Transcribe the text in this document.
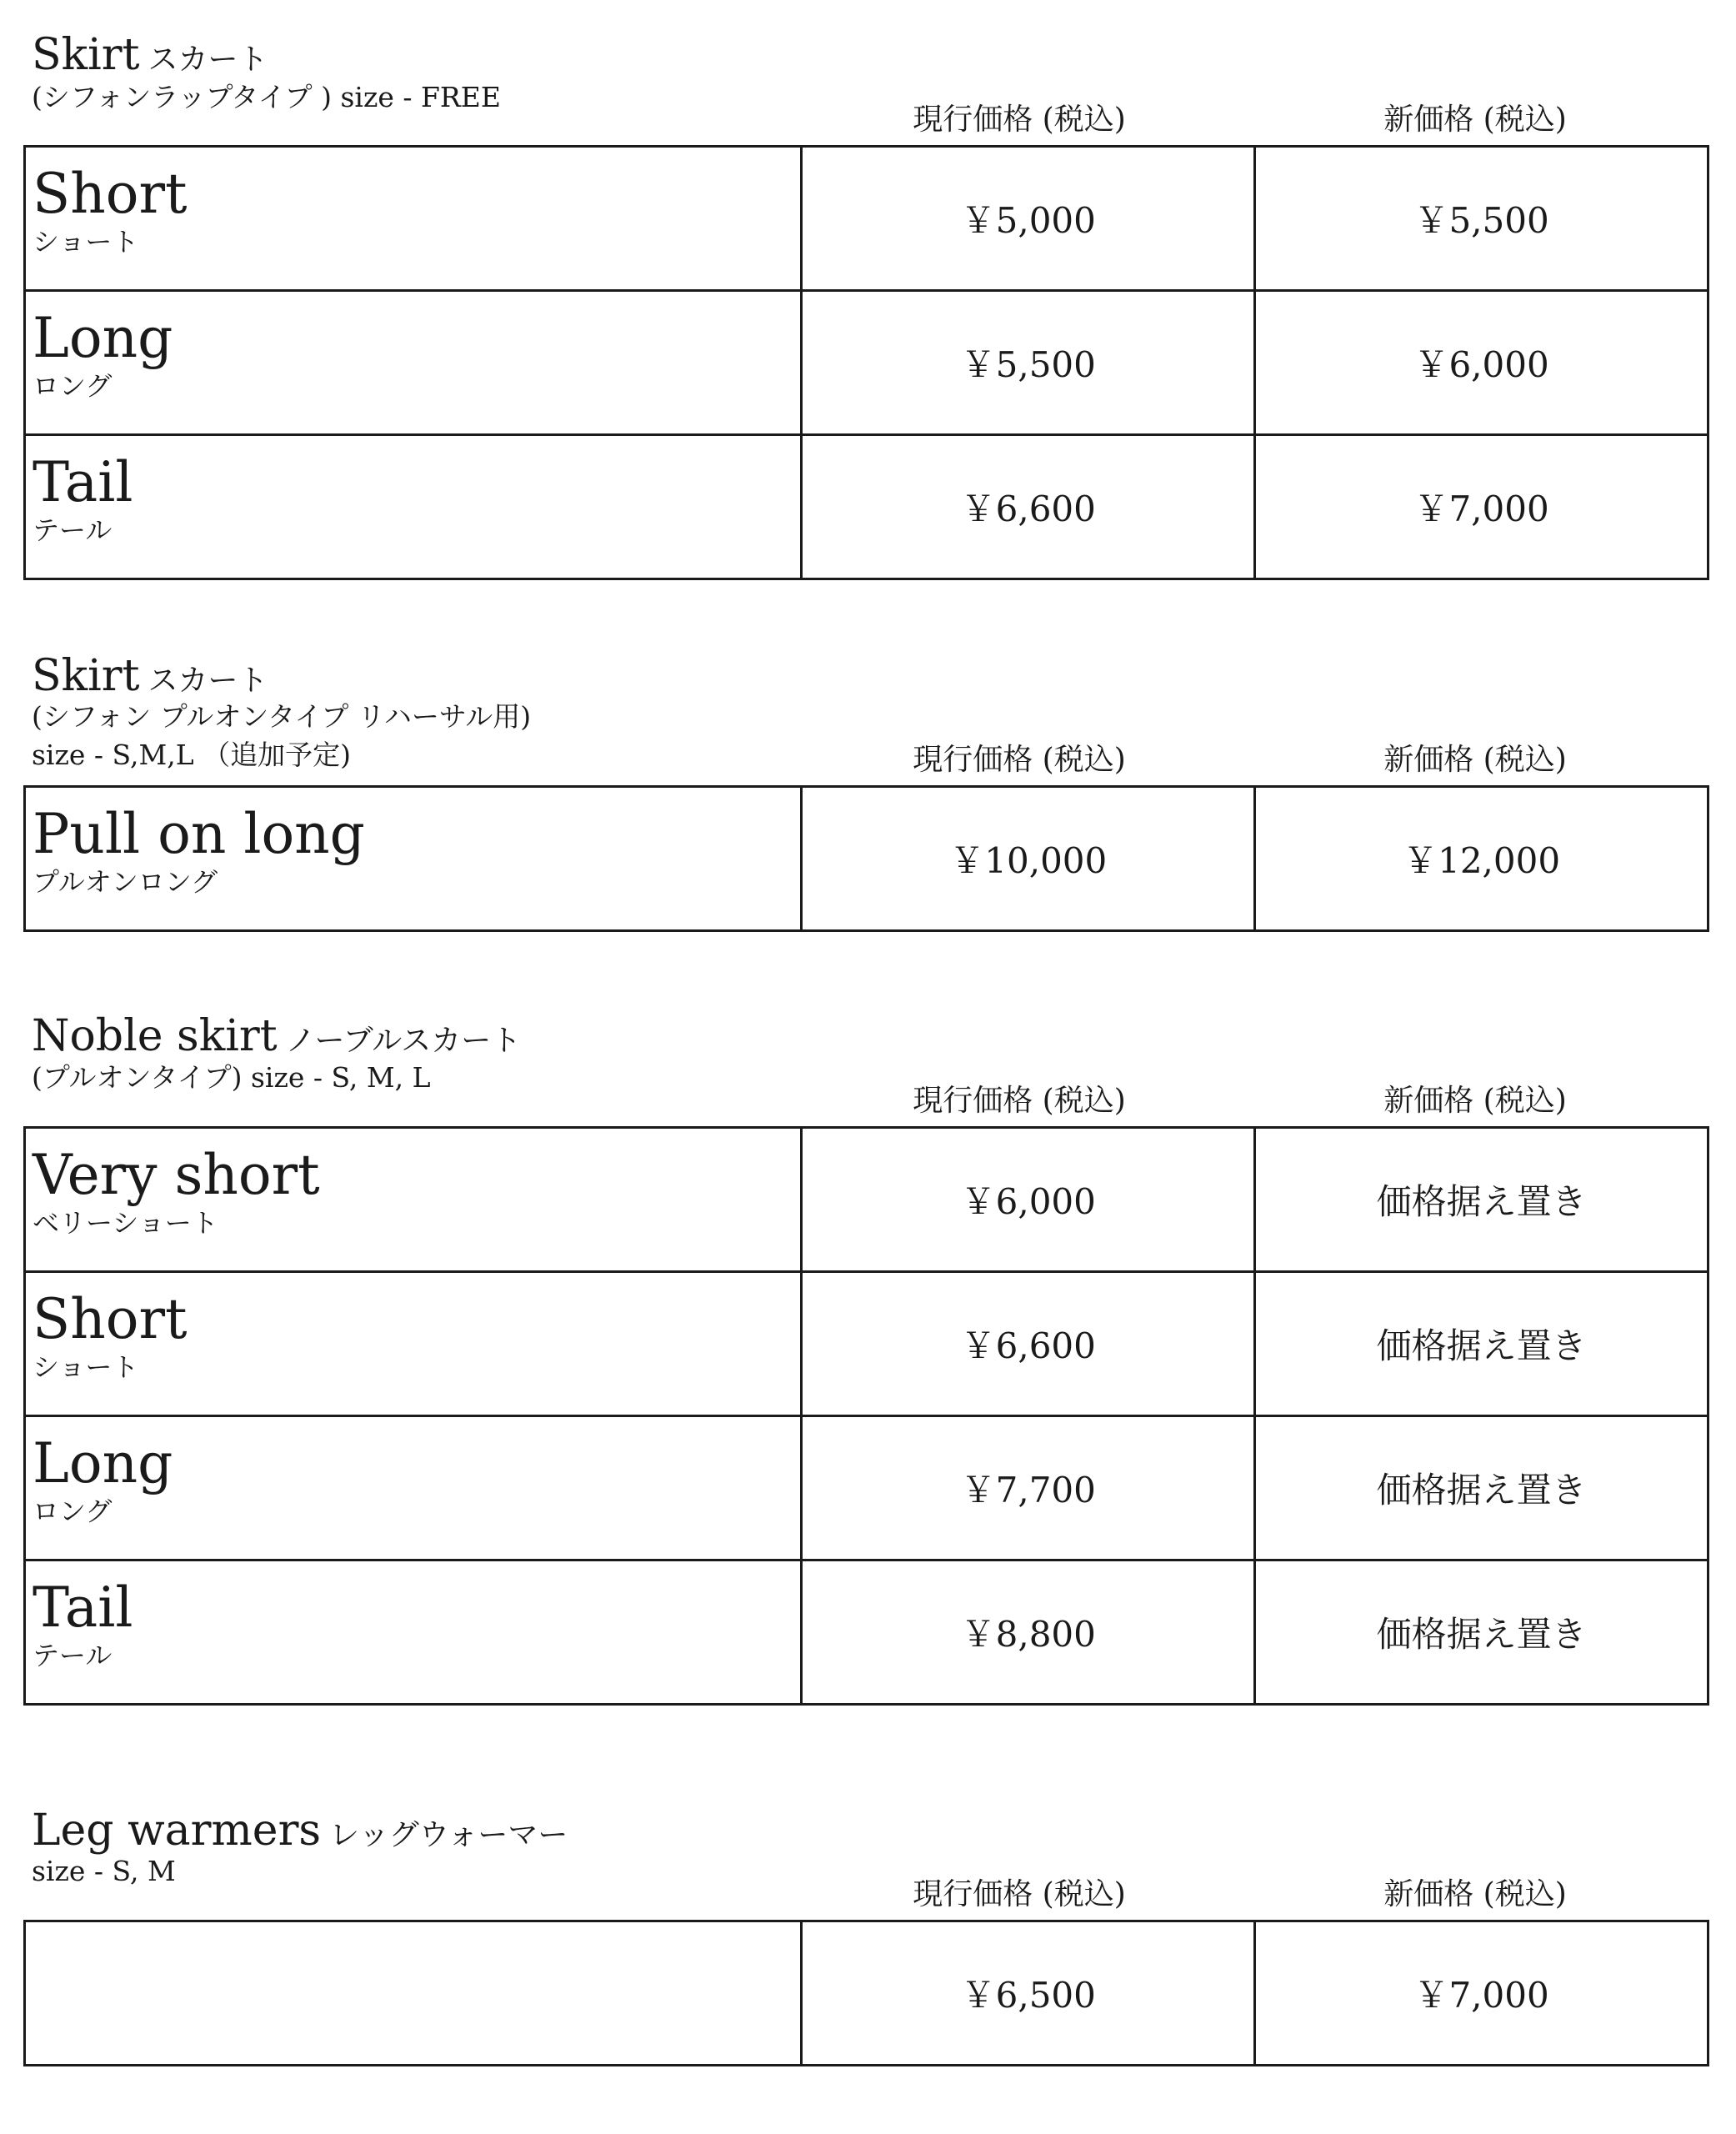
Skirt スカート
(シフォンラップタイプ ) size - FREE
現行価格 (税込)	新価格 (税込)
Short
ショート	￥5,000	￥5,500

Long
ロング	￥5,500	￥6,000

Tail
テール	￥6,600	￥7,000
Skirt スカート
(シフォン プルオンタイプ リハーサル用)
size - S,M,L （追加予定)	現行価格 (税込)	新価格 (税込)
Pull on long
プルオンロング
	￥10,000	￥12,000
Noble skirt ノーブルスカート
(プルオンタイプ) size - S, M, L
現行価格 (税込)	新価格 (税込)
Very short
ベリーショート	￥6,000	価格据え置き

Short
ショート	￥6,600	価格据え置き

Long
ロング	￥7,700	価格据え置き

Tail
テール	￥8,800	価格据え置き
Leg warmers レッグウォーマー
size - S, M
現行価格 (税込)	新価格 (税込)
	￥6,500	￥7,000
